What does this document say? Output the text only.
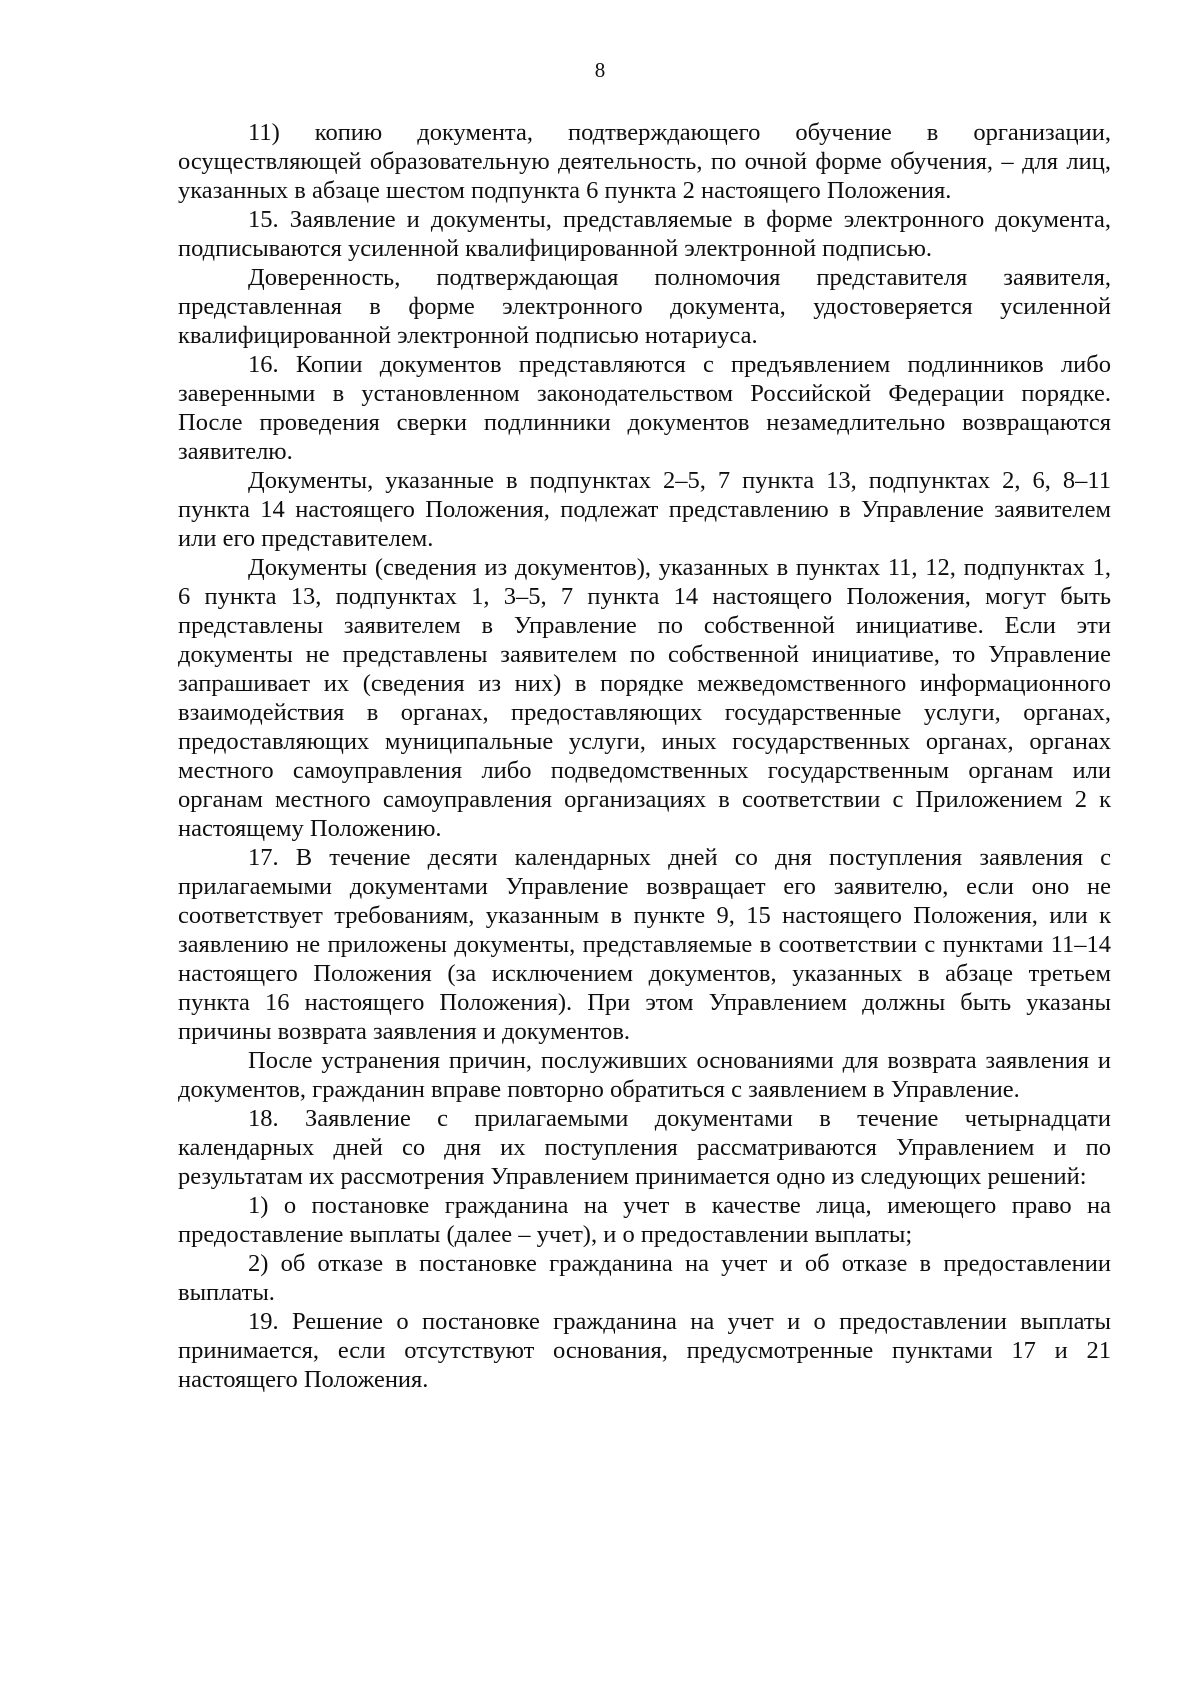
8

11) копию документа, подтверждающего обучение в организации, осуществляющей образовательную деятельность, по очной форме обучения, – для лиц, указанных в абзаце шестом подпункта 6 пункта 2 настоящего Положения.

15. Заявление и документы, представляемые в форме электронного документа, подписываются усиленной квалифицированной электронной подписью.

Доверенность, подтверждающая полномочия представителя заявителя, представленная в форме электронного документа, удостоверяется усиленной квалифицированной электронной подписью нотариуса.

16. Копии документов представляются с предъявлением подлинников либо заверенными в установленном законодательством Российской Федерации порядке. После проведения сверки подлинники документов незамедлительно возвращаются заявителю.

Документы, указанные в подпунктах 2–5, 7 пункта 13, подпунктах 2, 6, 8–11 пункта 14 настоящего Положения, подлежат представлению в Управление заявителем или его представителем.

Документы (сведения из документов), указанных в пунктах 11, 12, подпунктах 1, 6 пункта 13, подпунктах 1, 3–5, 7 пункта 14 настоящего Положения, могут быть представлены заявителем в Управление по собственной инициативе. Если эти документы не представлены заявителем по собственной инициативе, то Управление запрашивает их (сведения из них) в порядке межведомственного информационного взаимодействия в органах, предоставляющих государственные услуги, органах, предоставляющих муниципальные услуги, иных государственных органах, органах местного самоуправления либо подведомственных государственным органам или органам местного самоуправления организациях в соответствии с Приложением 2 к настоящему Положению.

17. В течение десяти календарных дней со дня поступления заявления с прилагаемыми документами Управление возвращает его заявителю, если оно не соответствует требованиям, указанным в пункте 9, 15 настоящего Положения, или к заявлению не приложены документы, представляемые в соответствии с пунктами 11–14 настоящего Положения (за исключением документов, указанных в абзаце третьем пункта 16 настоящего Положения). При этом Управлением должны быть указаны причины возврата заявления и документов.

После устранения причин, послуживших основаниями для возврата заявления и документов, гражданин вправе повторно обратиться с заявлением в Управление.

18. Заявление с прилагаемыми документами в течение четырнадцати календарных дней со дня их поступления рассматриваются Управлением и по результатам их рассмотрения Управлением принимается одно из следующих решений:

1) о постановке гражданина на учет в качестве лица, имеющего право на предоставление выплаты (далее – учет), и о предоставлении выплаты;

2) об отказе в постановке гражданина на учет и об отказе в предоставлении выплаты.

19. Решение о постановке гражданина на учет и о предоставлении выплаты принимается, если отсутствуют основания, предусмотренные пунктами 17 и 21 настоящего Положения.
